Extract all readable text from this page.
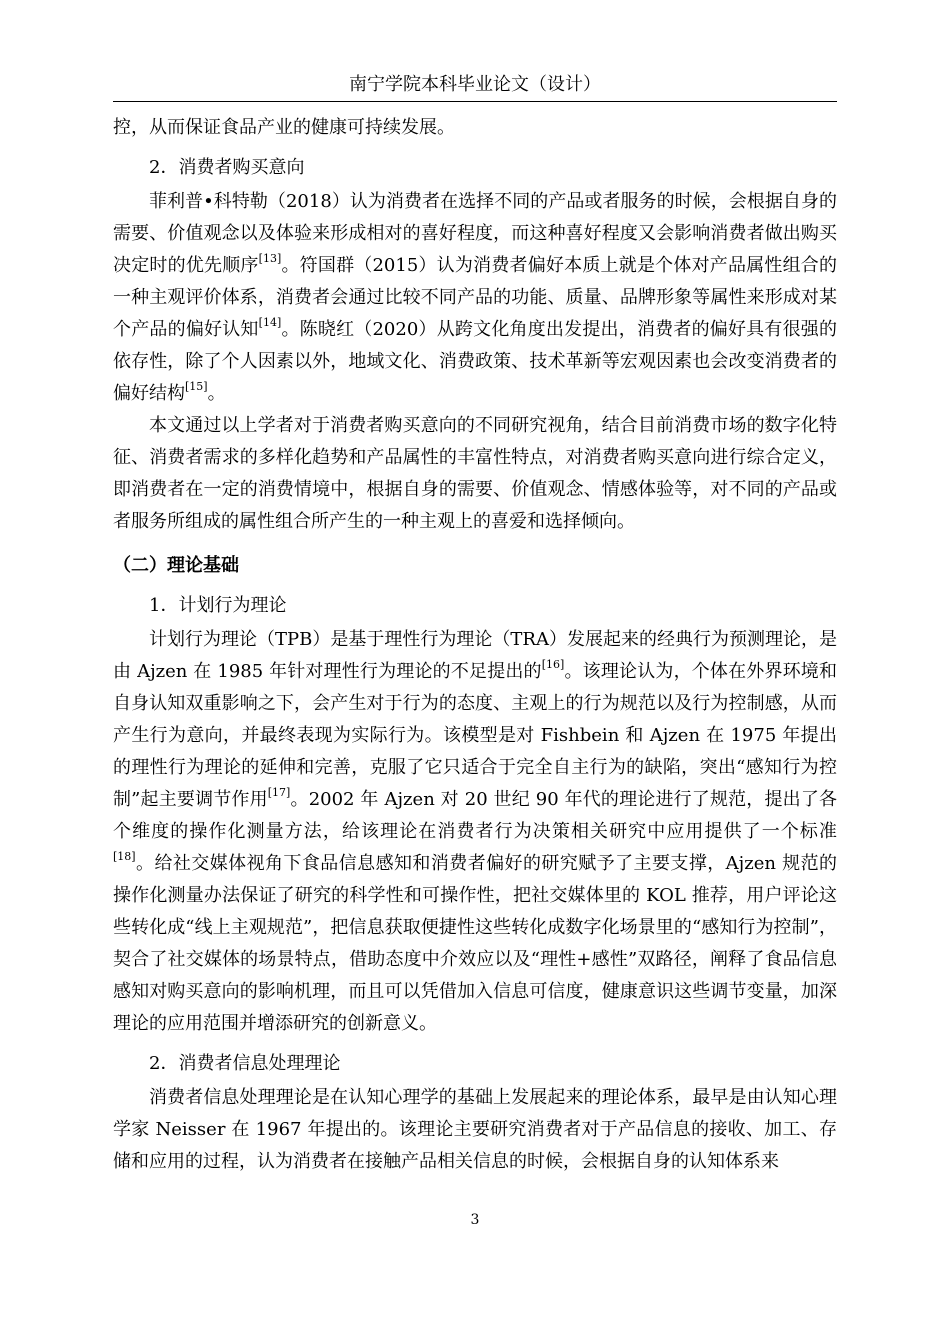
南宁学院本科毕业论文（设计）

控，从而保证食品产业的健康可持续发展。

2．消费者购买意向

菲利普•科特勒（2018）认为消费者在选择不同的产品或者服务的时候，会根据自身的需要、价值观念以及体验来形成相对的喜好程度，而这种喜好程度又会影响消费者做出购买决定时的优先顺序[13]。符国群（2015）认为消费者偏好本质上就是个体对产品属性组合的一种主观评价体系，消费者会通过比较不同产品的功能、质量、品牌形象等属性来形成对某个产品的偏好认知[14]。陈晓红（2020）从跨文化角度出发提出，消费者的偏好具有很强的依存性，除了个人因素以外，地域文化、消费政策、技术革新等宏观因素也会改变消费者的偏好结构[15]。

本文通过以上学者对于消费者购买意向的不同研究视角，结合目前消费市场的数字化特征、消费者需求的多样化趋势和产品属性的丰富性特点，对消费者购买意向进行综合定义，即消费者在一定的消费情境中，根据自身的需要、价值观念、情感体验等，对不同的产品或者服务所组成的属性组合所产生的一种主观上的喜爱和选择倾向。

（二）理论基础

1．计划行为理论

计划行为理论（TPB）是基于理性行为理论（TRA）发展起来的经典行为预测理论，是由 Ajzen 在 1985 年针对理性行为理论的不足提出的[16]。该理论认为，个体在外界环境和自身认知双重影响之下，会产生对于行为的态度、主观上的行为规范以及行为控制感，从而产生行为意向，并最终表现为实际行为。该模型是对 Fishbein 和 Ajzen 在 1975 年提出的理性行为理论的延伸和完善，克服了它只适合于完全自主行为的缺陷，突出“感知行为控制”起主要调节作用[17]。2002 年 Ajzen 对 20 世纪 90 年代的理论进行了规范，提出了各个维度的操作化测量方法，给该理论在消费者行为决策相关研究中应用提供了一个标准[18]。给社交媒体视角下食品信息感知和消费者偏好的研究赋予了主要支撑，Ajzen 规范的操作化测量办法保证了研究的科学性和可操作性，把社交媒体里的 KOL 推荐，用户评论这些转化成“线上主观规范”，把信息获取便捷性这些转化成数字化场景里的“感知行为控制”，契合了社交媒体的场景特点，借助态度中介效应以及“理性+感性”双路径，阐释了食品信息感知对购买意向的影响机理，而且可以凭借加入信息可信度，健康意识这些调节变量，加深理论的应用范围并增添研究的创新意义。

2．消费者信息处理理论

消费者信息处理理论是在认知心理学的基础上发展起来的理论体系，最早是由认知心理学家 Neisser 在 1967 年提出的。该理论主要研究消费者对于产品信息的接收、加工、存储和应用的过程，认为消费者在接触产品相关信息的时候，会根据自身的认知体系来

3
